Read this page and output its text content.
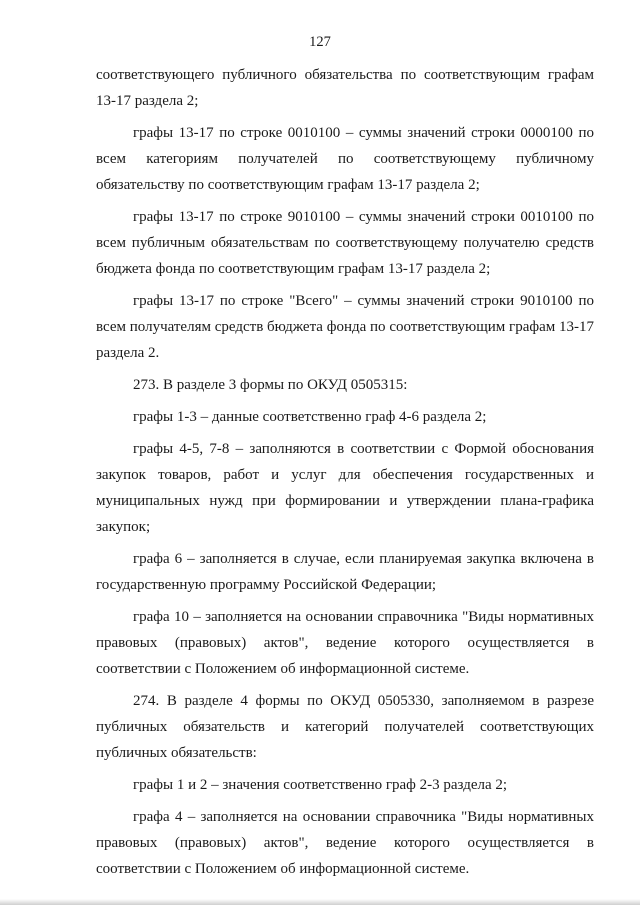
127

соответствующего публичного обязательства по соответствующим графам 13-17 раздела 2;

графы 13-17 по строке 0010100 – суммы значений строки 0000100 по всем категориям получателей по соответствующему публичному обязательству по соответствующим графам 13-17 раздела 2;

графы 13-17 по строке 9010100 – суммы значений строки 0010100 по всем публичным обязательствам по соответствующему получателю средств бюджета фонда по соответствующим графам 13-17 раздела 2;

графы 13-17 по строке "Всего" – суммы значений строки 9010100 по всем получателям средств бюджета фонда по соответствующим графам 13-17 раздела 2.

273. В разделе 3 формы по ОКУД 0505315:

графы 1-3 – данные соответственно граф 4-6 раздела 2;

графы 4-5, 7-8 – заполняются в соответствии с Формой обоснования закупок товаров, работ и услуг для обеспечения государственных и муниципальных нужд при формировании и утверждении плана-графика закупок;

графа 6 – заполняется в случае, если планируемая закупка включена в государственную программу Российской Федерации;

графа 10 – заполняется на основании справочника "Виды нормативных правовых (правовых) актов", ведение которого осуществляется в соответствии с Положением об информационной системе.

274. В разделе 4 формы по ОКУД 0505330, заполняемом в разрезе публичных обязательств и категорий получателей соответствующих публичных обязательств:

графы 1 и 2 – значения соответственно граф 2-3 раздела 2;

графа 4 – заполняется на основании справочника "Виды нормативных правовых (правовых) актов", ведение которого осуществляется в соответствии с Положением об информационной системе.
